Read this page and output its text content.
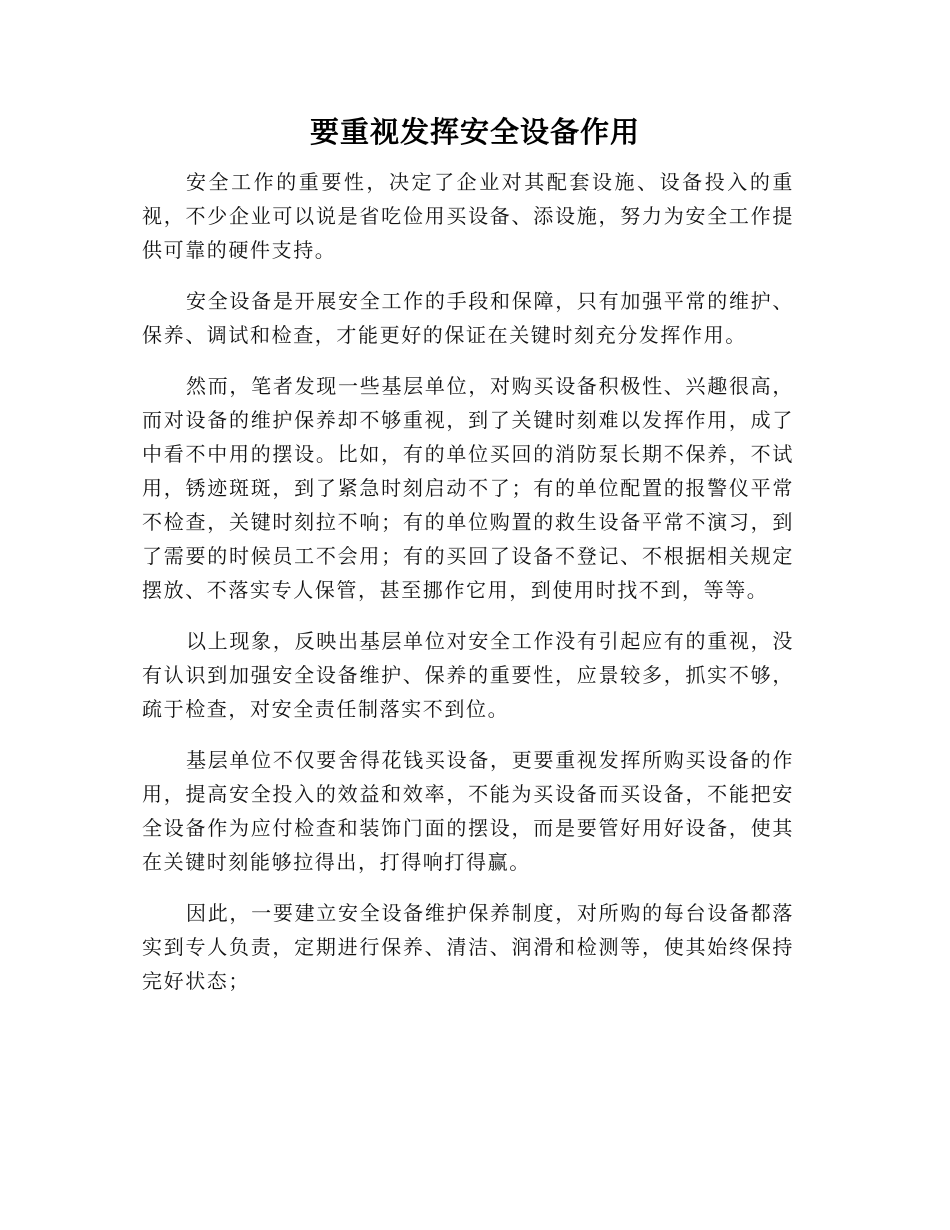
要重视发挥安全设备作用

安全工作的重要性，决定了企业对其配套设施、设备投入的重视，不少企业可以说是省吃俭用买设备、添设施，努力为安全工作提供可靠的硬件支持。

安全设备是开展安全工作的手段和保障，只有加强平常的维护、保养、调试和检查，才能更好的保证在关键时刻充分发挥作用。

然而，笔者发现一些基层单位，对购买设备积极性、兴趣很高，而对设备的维护保养却不够重视，到了关键时刻难以发挥作用，成了中看不中用的摆设。比如，有的单位买回的消防泵长期不保养，不试用，锈迹斑斑，到了紧急时刻启动不了；有的单位配置的报警仪平常不检查，关键时刻拉不响；有的单位购置的救生设备平常不演习，到了需要的时候员工不会用；有的买回了设备不登记、不根据相关规定摆放、不落实专人保管，甚至挪作它用，到使用时找不到，等等。

以上现象，反映出基层单位对安全工作没有引起应有的重视，没有认识到加强安全设备维护、保养的重要性，应景较多，抓实不够，疏于检查，对安全责任制落实不到位。

基层单位不仅要舍得花钱买设备，更要重视发挥所购买设备的作用，提高安全投入的效益和效率，不能为买设备而买设备，不能把安全设备作为应付检查和装饰门面的摆设，而是要管好用好设备，使其在关键时刻能够拉得出，打得响打得赢。

因此，一要建立安全设备维护保养制度，对所购的每台设备都落实到专人负责，定期进行保养、清洁、润滑和检测等，使其始终保持完好状态；
